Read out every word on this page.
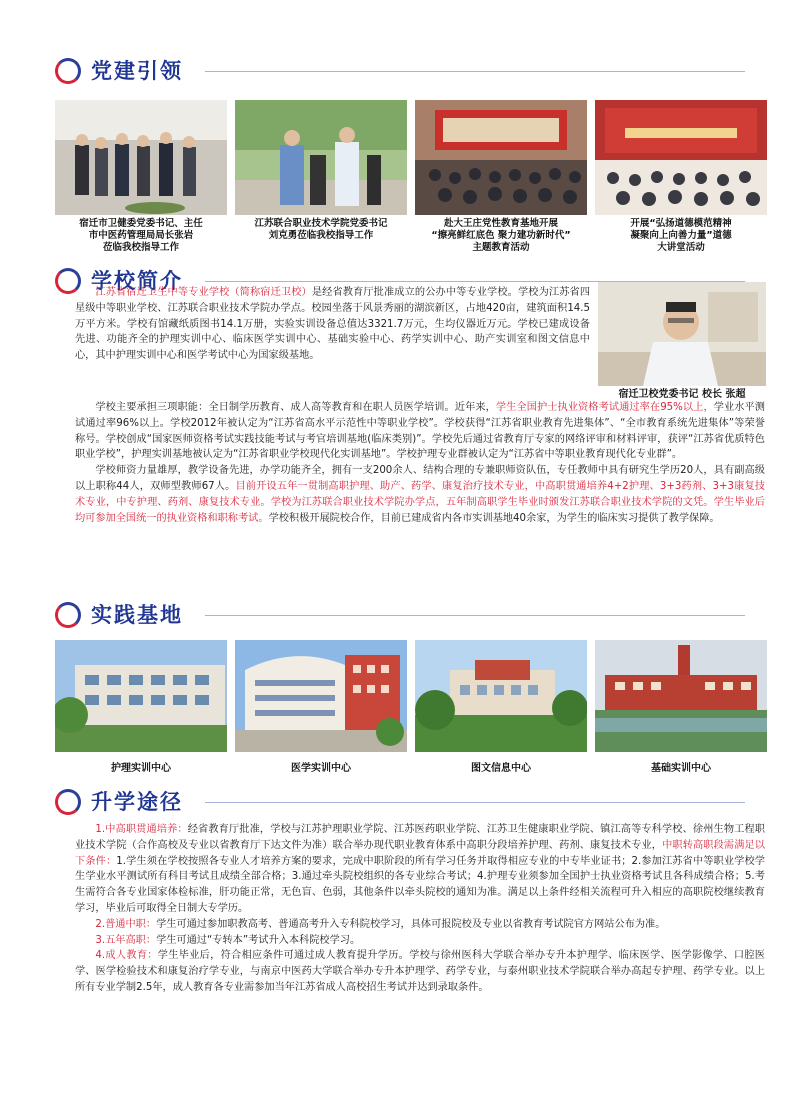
党建引领
宿迁市卫健委党委书记、主任
市中医药管理局局长张岩
莅临我校指导工作
江苏联合职业技术学院党委书记
刘克勇莅临我校指导工作
赴大王庄党性教育基地开展
“擦亮鲜红底色 聚力建功新时代”
主题教育活动
开展“弘扬道德模范精神
凝聚向上向善力量”道德
大讲堂活动
学校简介
宿迁卫校党委书记 校长 张超

江苏省宿迁卫生中等专业学校（简称宿迁卫校）是经省教育厅批准成立的公办中等专业学校。学校为江苏省四星级中等职业学校、江苏联合职业技术学院办学点。校园坐落于风景秀丽的湖滨新区，占地420亩，建筑面积14.5万平方米。学校有馆藏纸质图书14.1万册，实验实训设备总值达3321.7万元，生均仪器近万元。学校已建成设备先进、功能齐全的护理实训中心、临床医学实训中心、基础实验中心、药学实训中心、助产实训室和图文信息中心，其中护理实训中心和医学考试中心为国家级基地。

学校主要承担三项职能：全日制学历教育、成人高等教育和在职人员医学培训。近年来，学生全国护士执业资格考试通过率在95%以上，学业水平测试通过率96%以上。学校2012年被认定为“江苏省高水平示范性中等职业学校”。学校获得“江苏省职业教育先进集体”、“全市教育系统先进集体”等荣誉称号。学校创成“国家医师资格考试实践技能考试与考官培训基地(临床类别)”。学校先后通过省教育厅专家的网络评审和材料评审，获评“江苏省优质特色职业学校”，护理实训基地被认定为“江苏省职业学校现代化实训基地”。学校护理专业群被认定为“江苏省中等职业教育现代化专业群”。

学校师资力量雄厚，教学设备先进，办学功能齐全，拥有一支200余人、结构合理的专兼职师资队伍，专任教师中具有研究生学历20人，具有副高级以上职称44人，双师型教师67人。目前开设五年一贯制高职护理、助产、药学、康复治疗技术专业，中高职贯通培养4+2护理、3+3药剂、3+3康复技术专业，中专护理、药剂、康复技术专业。学校为江苏联合职业技术学院办学点，五年制高职学生毕业时颁发江苏联合职业技术学院的文凭。学生毕业后均可参加全国统一的执业资格和职称考试。学校积极开展院校合作，目前已建成省内各市实训基地40余家，为学生的临床实习提供了教学保障。

实践基地
护理实训中心	医学实训中心	图文信息中心	基础实训中心
升学途径

1.中高职贯通培养：经省教育厅批准，学校与江苏护理职业学院、江苏医药职业学院、江苏卫生健康职业学院、镇江高等专科学校、徐州生物工程职业技术学院（合作高校及专业以省教育厅下达文件为准）联合举办现代职业教育体系中高职分段培养护理、药剂、康复技术专业，中职转高职段需满足以下条件：1.学生须在学校按照各专业人才培养方案的要求，完成中职阶段的所有学习任务并取得相应专业的中专毕业证书；2.参加江苏省中等职业学校学生学业水平测试所有科目考试且成绩全部合格；3.通过牵头院校组织的各专业综合考试；4.护理专业须参加全国护士执业资格考试且各科成绩合格；5.考生需符合各专业国家体检标准，肝功能正常，无色盲、色弱，其他条件以牵头院校的通知为准。满足以上条件经相关流程可升入相应的高职院校继续教育学习，毕业后可取得全日制大专学历。

2.普通中职：学生可通过参加职教高考、普通高考升入专科院校学习，具体可报院校及专业以省教育考试院官方网站公布为准。

3.五年高职：学生可通过“专转本”考试升入本科院校学习。

4.成人教育：学生毕业后，符合相应条件可通过成人教育提升学历。学校与徐州医科大学联合举办专升本护理学、临床医学、医学影像学、口腔医学、医学检验技术和康复治疗学专业，与南京中医药大学联合举办专升本护理学、药学专业，与泰州职业技术学院联合举办高起专护理、药学专业。以上所有专业学制2.5年，成人教育各专业需参加当年江苏省成人高校招生考试并达到录取条件。
